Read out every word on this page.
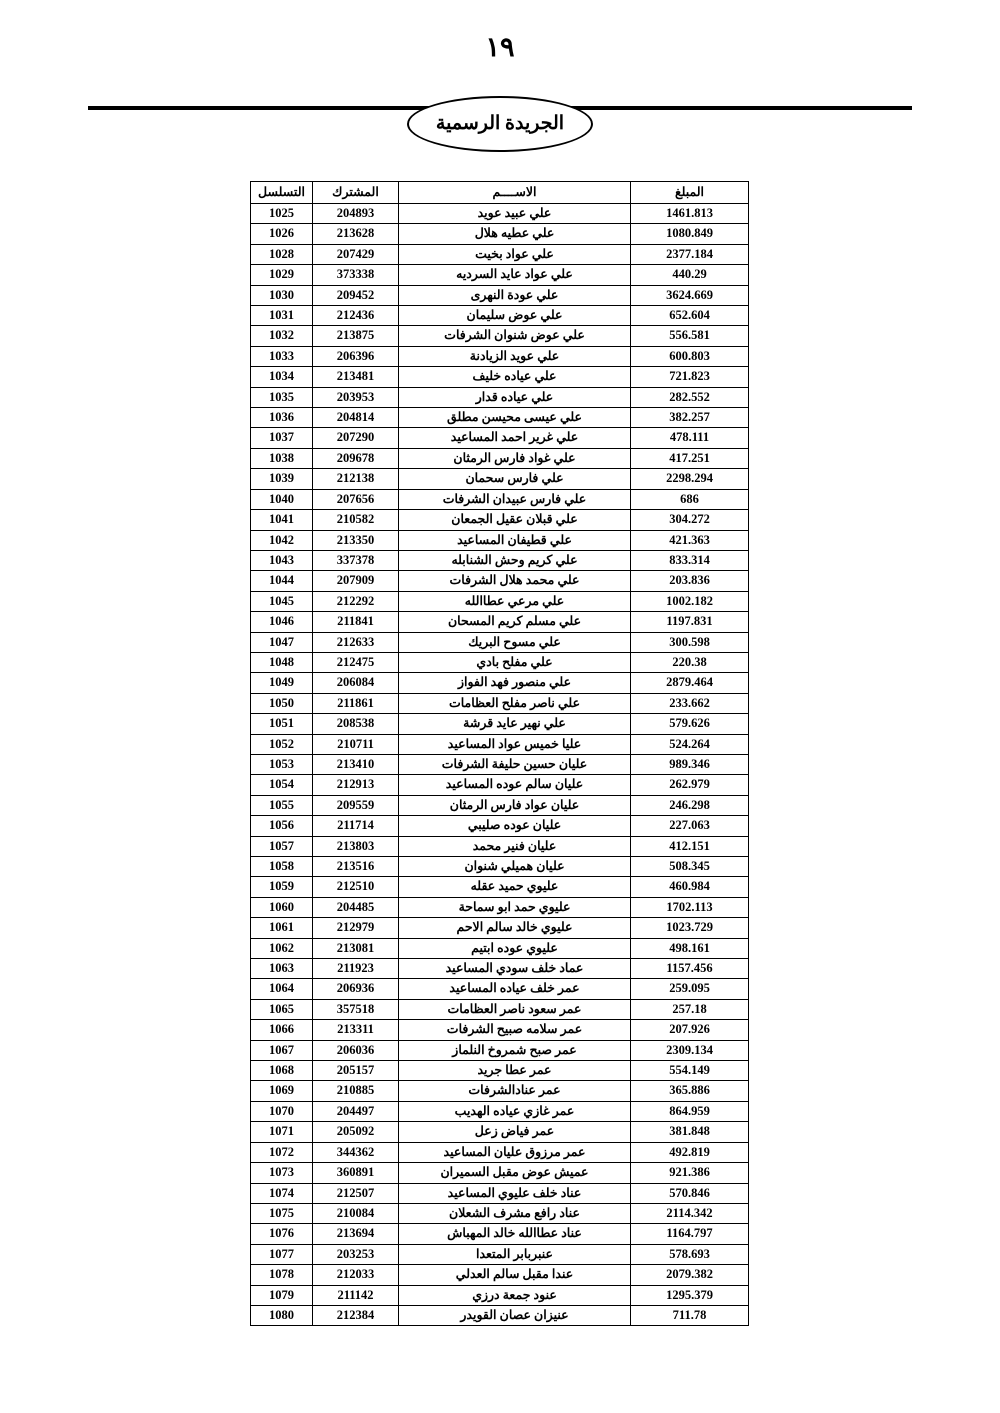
١٩
الجريدة الرسمية
المبلغ	الاســــم	المشترك	التسلسل
1461.813	علي عبيد عويد	204893	1025
1080.849	علي عطيه هلال	213628	1026
2377.184	علي عواد بخيت	207429	1028
440.29	علي عواد عايد السرديه	373338	1029
3624.669	علي عودة النهرى	209452	1030
652.604	علي عوض سليمان	212436	1031
556.581	علي عوض شنوان الشرفات	213875	1032
600.803	علي عويد الزيادنة	206396	1033
721.823	علي عياده خليف	213481	1034
282.552	علي عياده قدار	203953	1035
382.257	علي عيسى محيسن مطلق	204814	1036
478.111	علي غرير احمد المساعيد	207290	1037
417.251	علي غواد فارس الرمثان	209678	1038
2298.294	علي فارس سحمان	212138	1039
686	علي فارس عبيدان الشرفات	207656	1040
304.272	علي قبلان عقيل الجمعان	210582	1041
421.363	علي قطيفان المساعيد	213350	1042
833.314	علي كريم وحش الشنابله	337378	1043
203.836	علي محمد هلال الشرفات	207909	1044
1002.182	علي مرعي عطاالله	212292	1045
1197.831	علي مسلم كريم المسحان	211841	1046
300.598	علي مسوح البريك	212633	1047
220.38	علي مفلح بادي	212475	1048
2879.464	علي منصور فهد الفواز	206084	1049
233.662	علي ناصر مفلح العظامات	211861	1050
579.626	علي نهير عايد قرشة	208538	1051
524.264	عليا خميس عواد المساعيد	210711	1052
989.346	عليان حسين حليفة الشرفات	213410	1053
262.979	عليان سالم عوده المساعيد	212913	1054
246.298	عليان عواد فارس الرمثان	209559	1055
227.063	عليان عوده صليبي	211714	1056
412.151	عليان فنير محمد	213803	1057
508.345	عليان هميلي شنوان	213516	1058
460.984	عليوي حميد عقله	212510	1059
1702.113	عليوي حمد ابو سماحة	204485	1060
1023.729	عليوي خالد سالم الاحم	212979	1061
498.161	عليوي عوده ابتيم	213081	1062
1157.456	عماد خلف سودي المساعيد	211923	1063
259.095	عمر خلف عياده المساعيد	206936	1064
257.18	عمر سعود ناصر العظامات	357518	1065
207.926	عمر سلامه صبيح الشرفات	213311	1066
2309.134	عمر صبح شمروخ النلماز	206036	1067
554.149	عمر عطا جريد	205157	1068
365.886	عمر عنادالشرفات	210885	1069
864.959	عمر غازي عياده الهديب	204497	1070
381.848	عمر فياض زعل	205092	1071
492.819	عمر مرزوق عليان المساعيد	344362	1072
921.386	عميش عوض مقبل السميران	360891	1073
570.846	عناد خلف عليوي المساعيد	212507	1074
2114.342	عناد رافع مشرف الشعلان	210084	1075
1164.797	عناد عطاالله خالد المهباش	213694	1076
578.693	عنبربابر المتعدا	203253	1077
2079.382	عندا مقبل سالم العدلي	212033	1078
1295.379	عنود جمعة درزي	211142	1079
711.78	عنيزان عصان القويدر	212384	1080
